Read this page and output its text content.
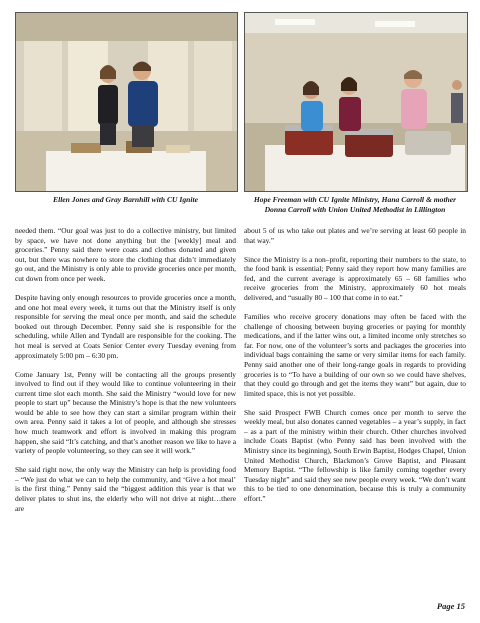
Ellen Jones and Gray Barnhill with CU Ignite	Hope Freeman with CU Ignite Ministry, Hana Carroll & mother Donna Carroll with Union United Methodist in Lillington

needed them. “Our goal was just to do a collective ministry, but limited by space, we have not done anything but the [weekly] meal and groceries.” Penny said there were coats and clothes donated and given out, but there was nowhere to store the clothing that didn’t immediately go out, and the Ministry is only able to provide groceries once per month, cut down from once per week.

Despite having only enough resources to provide groceries once a month, and one hot meal every week, it turns out that the Ministry itself is only responsible for serving the meal once per month, and said the schedule booked out through December. Penny said she is responsible for the scheduling, while Allen and Tyndall are responsible for the cooking. The hot meal is served at Coats Senior Center every Tuesday evening from approximately 5:00 pm – 6:30 pm.

Come January 1st, Penny will be contacting all the groups presently involved to find out if they would like to continue volunteering in their current time slot each month. She said the Ministry “would love for new people to start up” because the Ministry’s hope is that the new volunteers would be able to see how they can start a similar program within their own area. Penny said it takes a lot of people, and although she stresses how much teamwork and effort is involved in making this program happen, she said “It’s catching, and that’s another reason we like to have a variety of people volunteering, so they can see it will work.”

She said right now, the only way the Ministry can help is providing food – “We just do what we can to help the community, and ‘Give a hot meal’ is the first thing.” Penny said the “biggest addition this year is that we deliver plates to shut ins, the elderly who will not drive at night…there are

about 5 of us who take out plates and we’re serving at least 60 people in that way.”

Since the Ministry is a non–profit, reporting their numbers to the state, to the food bank is essential; Penny said they report how many families are fed, and the current average is approximately 65 – 68 families who receive groceries from the Ministry, approximately 60 hot meals delivered, and “usually 80 – 100 that come in to eat.”

Families who receive grocery donations may often be faced with the challenge of choosing between buying groceries or paying for monthly medications, and if the latter wins out, a limited income only stretches so far. For now, one of the volunteer’s sorts and packages the groceries into individual bags containing the same or very similar items for each family. Penny said another one of their long-range goals in regards to providing groceries is to “To have a building of our own so we could have shelves, that they could go through and get the items they want” but again, due to limited space, this is not yet possible.

She said Prospect FWB Church comes once per month to serve the weekly meal, but also donates canned vegetables – a year’s supply, in fact – as a part of the ministry within their church. Other churches involved include Coats Baptist (who Penny said has been involved with the Ministry since its beginning), South Erwin Baptist, Hodges Chapel, Union United Methodist Church, Blackmon’s Grove Baptist, and Pleasant Memory Baptist. “The fellowship is like family coming together every Tuesday night” and said they see new people every week. “We don’t want this to be tied to one denomination, because this is truly a community effort.”

Page 15
